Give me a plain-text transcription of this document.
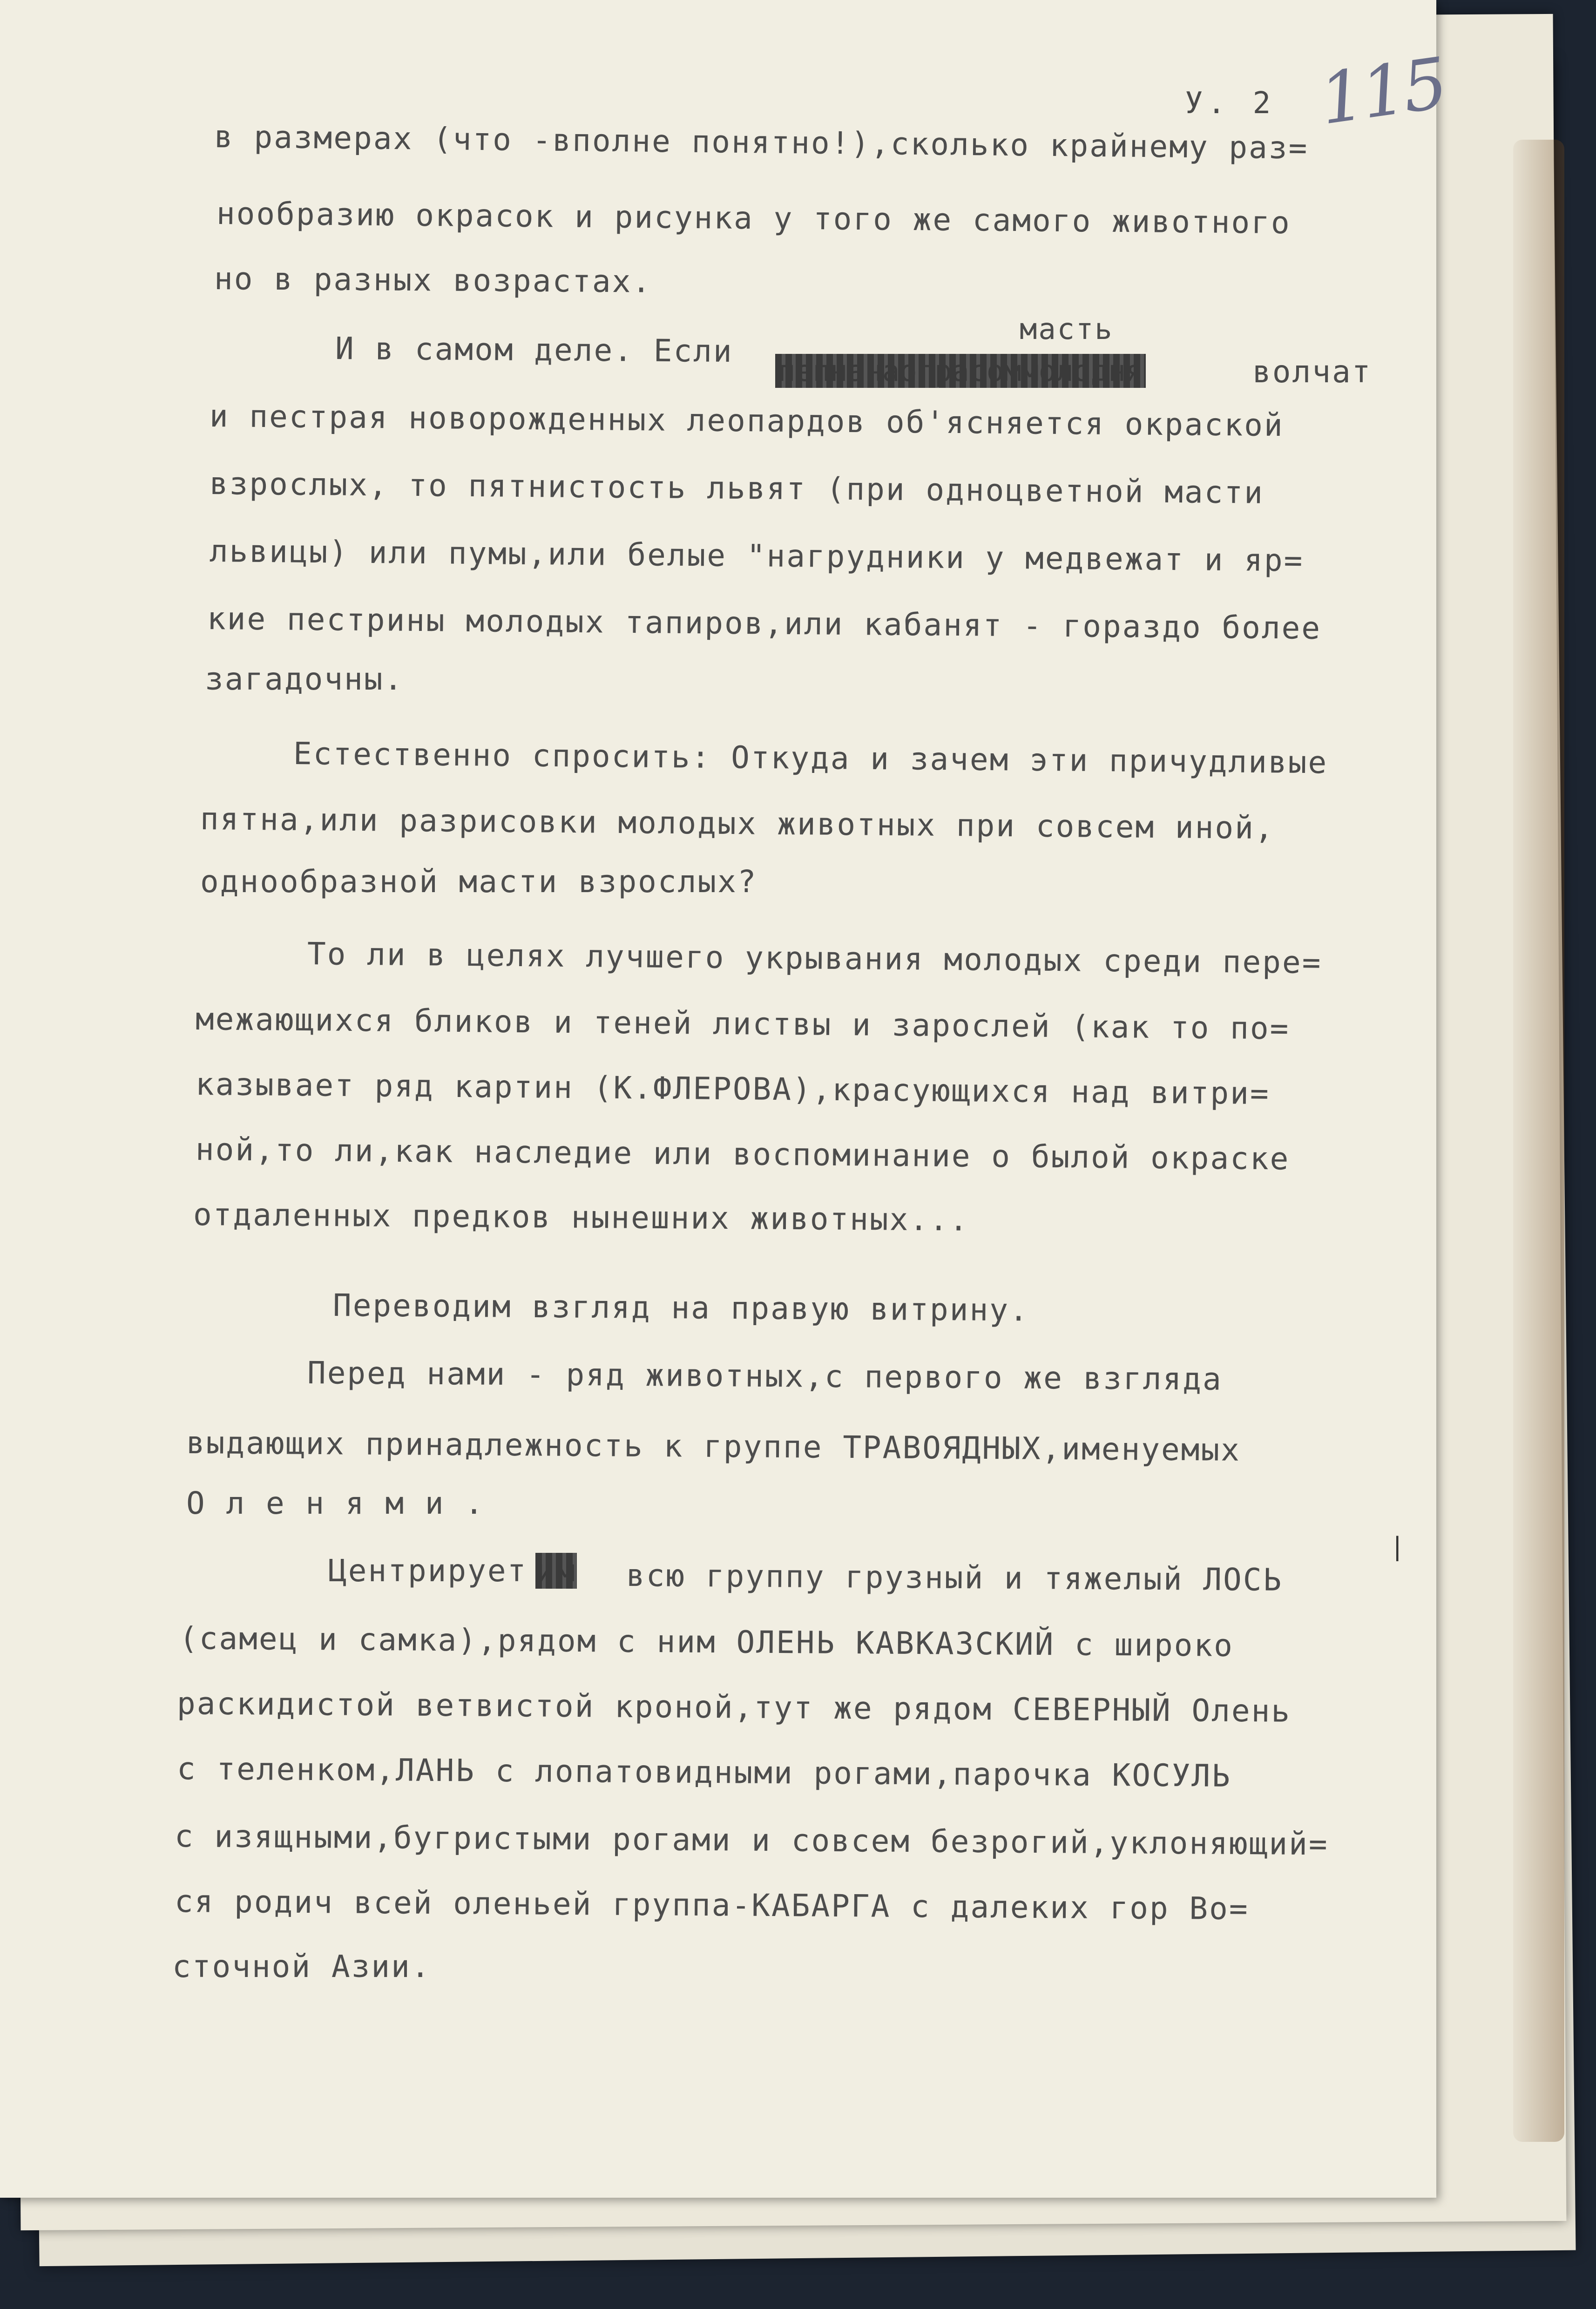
У. 2 115
масть
в размерах (что -вполне понятно!),сколько крайнему раз=
нообразию окрасок и рисунка у того же самого животного
но в разных возрастах.
И в самом деле. Если
пепнанаопрасоммолодня	волчат
и пестрая новорожденных леопардов об'ясняется окраской
взрослых, то пятнистость львят (при одноцветной масти
львицы) или пумы,или белые "нагрудники у медвежат и яр=
кие пестрины молодых тапиров,или кабанят - гораздо более
загадочны.
Естественно спросить: Откуда и зачем эти причудливые
пятна,или разрисовки молодых животных при совсем иной,
однообразной масти взрослых?
То ли в целях лучшего укрывания молодых среди пере=
межающихся бликов и теней листвы и зарослей (как то по=
казывает ряд картин (К.ФЛЕРОВА),красующихся над витри=
ной,то ли,как наследие или воспоминание о былой окраске
отдаленных предков нынешних животных...
Переводим взгляд на правую витрину.
Перед нами - ряд животных,с первого же взгляда
выдающих принадлежность к группе ТРАВОЯДНЫХ,именуемых
О л е н я м и .
Центрирует им всю группу грузный и тяжелый ЛОСЬ
(самец и самка),рядом с ним ОЛЕНЬ КАВКАЗСКИЙ с широко
раскидистой ветвистой кроной,тут же рядом СЕВЕРНЫЙ Олень
с теленком,ЛАНЬ с лопатовидными рогами,парочка КОСУЛЬ
с изящными,бугристыми рогами и совсем безрогий,уклоняющий=
ся родич всей оленьей группа-КАБАРГА с далеких гор Во=
сточной Азии.
|
